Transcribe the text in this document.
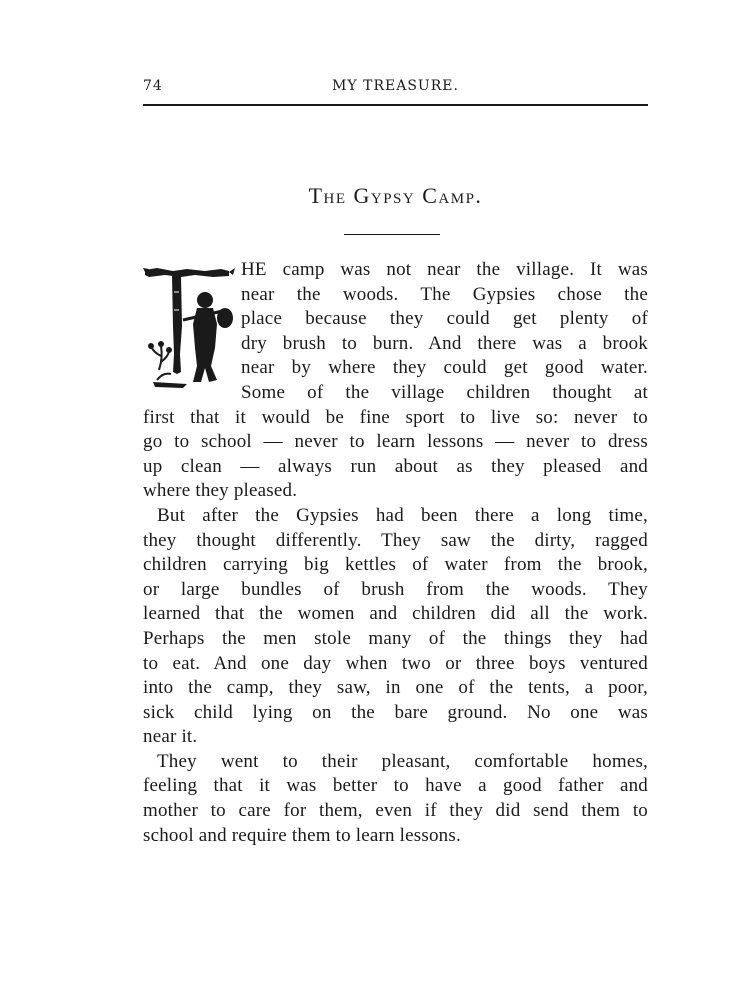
74	MY TREASURE.
The Gypsy Camp.
HE camp was not near the village. It was
near the woods. The Gypsies chose the
place because they could get plenty of
dry brush to burn. And there was a brook
near by where they could get good water.
Some of the village children thought at
first that it would be fine sport to live so: never to
go to school — never to learn lessons — never to dress
up clean — always run about as they pleased and
where they pleased.
But after the Gypsies had been there a long time,
they thought differently. They saw the dirty, ragged
children carrying big kettles of water from the brook,
or large bundles of brush from the woods. They
learned that the women and children did all the work.
Perhaps the men stole many of the things they had
to eat. And one day when two or three boys ventured
into the camp, they saw, in one of the tents, a poor,
sick child lying on the bare ground. No one was
near it.
They went to their pleasant, comfortable homes,
feeling that it was better to have a good father and
mother to care for them, even if they did send them to
school and require them to learn lessons.
